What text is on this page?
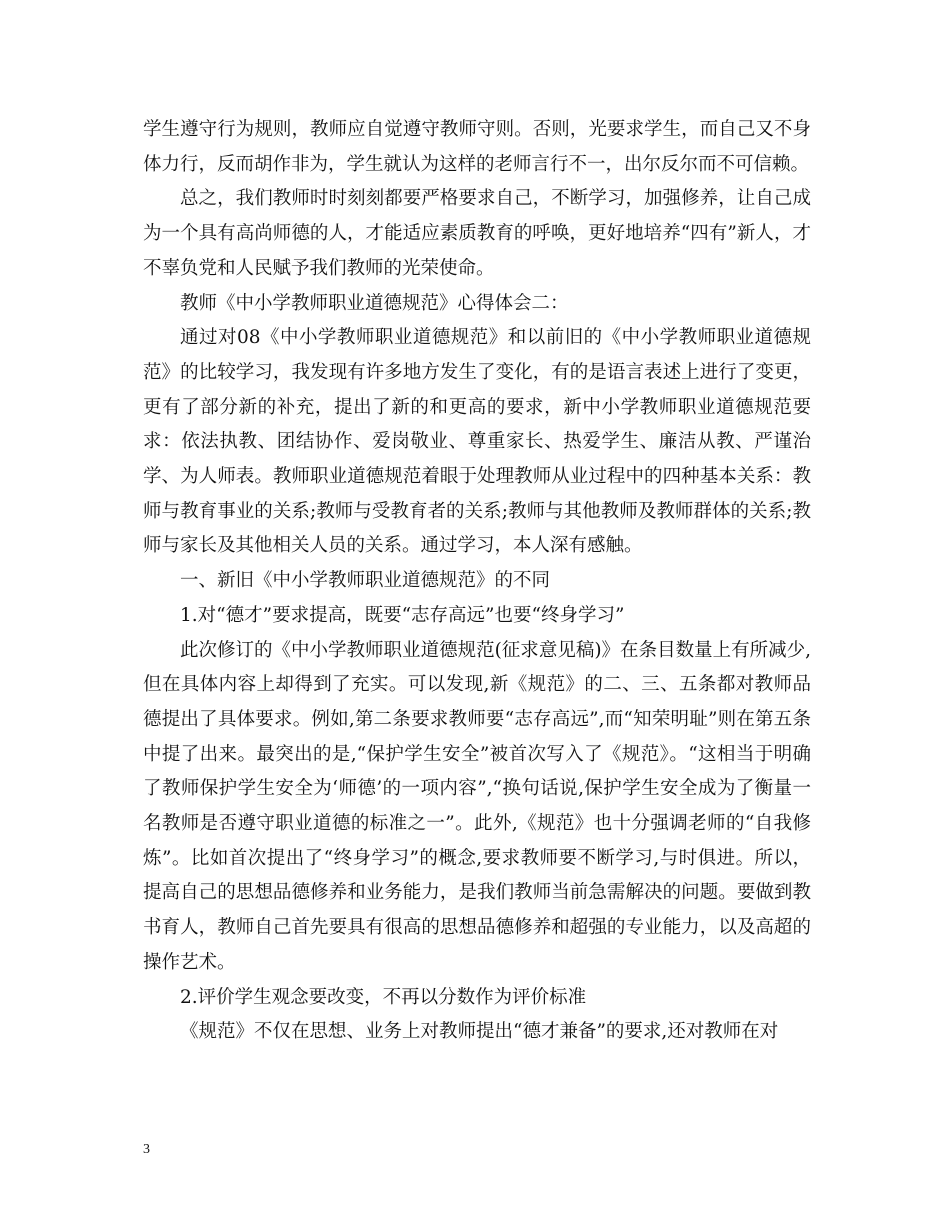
学生遵守行为规则，教师应自觉遵守教师守则。否则，光要求学生，而自己又不身体力行，反而胡作非为，学生就认为这样的老师言行不一，出尔反尔而不可信赖。

总之，我们教师时时刻刻都要严格要求自己，不断学习，加强修养，让自己成为一个具有高尚师德的人，才能适应素质教育的呼唤，更好地培养“四有”新人，才不辜负党和人民赋予我们教师的光荣使命。

教师《中小学教师职业道德规范》心得体会二：

通过对08《中小学教师职业道德规范》和以前旧的《中小学教师职业道德规范》的比较学习，我发现有许多地方发生了变化，有的是语言表述上进行了变更，更有了部分新的补充，提出了新的和更高的要求，新中小学教师职业道德规范要求：依法执教、团结协作、爱岗敬业、尊重家长、热爱学生、廉洁从教、严谨治学、为人师表。教师职业道德规范着眼于处理教师从业过程中的四种基本关系：教师与教育事业的关系;教师与受教育者的关系;教师与其他教师及教师群体的关系;教师与家长及其他相关人员的关系。通过学习，本人深有感触。

一、新旧《中小学教师职业道德规范》的不同

1.对“德才”要求提高，既要“志存高远”也要“终身学习”

此次修订的《中小学教师职业道德规范(征求意见稿)》在条目数量上有所减少,但在具体内容上却得到了充实。可以发现,新《规范》的二、三、五条都对教师品德提出了具体要求。例如,第二条要求教师要“志存高远”,而“知荣明耻”则在第五条中提了出来。最突出的是,“保护学生安全”被首次写入了《规范》。“这相当于明确了教师保护学生安全为‘师德’的一项内容”,“换句话说,保护学生安全成为了衡量一名教师是否遵守职业道德的标准之一”。此外,《规范》也十分强调老师的“自我修炼”。比如首次提出了“终身学习”的概念,要求教师要不断学习,与时俱进。所以，提高自己的思想品德修养和业务能力，是我们教师当前急需解决的问题。要做到教书育人，教师自己首先要具有很高的思想品德修养和超强的专业能力，以及高超的操作艺术。

2.评价学生观念要改变，不再以分数作为评价标准

《规范》不仅在思想、业务上对教师提出“德才兼备”的要求,还对教师在对

3
